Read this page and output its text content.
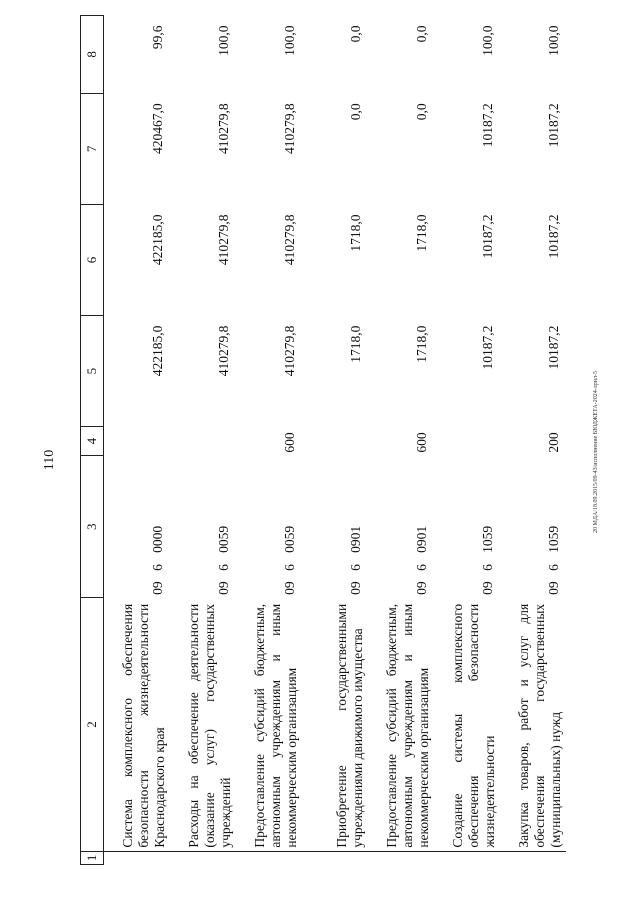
110	20 МДА/18.09.2015/09-43/исполнение БЮДЖЕТА-2024-лрил-5
1	2	3	4	5	6	7	8
	Система комплексного обеспечения безопасности жизнедеятельности Краснодарского края	0960000		422185,0	422185,0	420467,0	99,6
	Расходы на обеспечение деятельности (оказание услуг) государственных учреждений	0960059		410279,8	410279,8	410279,8	100,0
	Предоставление субсидий бюджетным, автономным учреждениям и иным некоммерческим организациям	0960059	600	410279,8	410279,8	410279,8	100,0
	Приобретение государственными учреждениями движимого имущества	0960901		1718,0	1718,0	0,0	0,0
	Предоставление субсидий бюджетным, автономным учреждениям и иным некоммерческим организациям	0960901	600	1718,0	1718,0	0,0	0,0
	Создание системы комплексного обеспечения безопасности жизнедеятельности	0961059		10187,2	10187,2	10187,2	100,0
	Закупка товаров, работ и услуг для обеспечения государственных (муниципальных) нужд	0961059	200	10187,2	10187,2	10187,2	100,0
